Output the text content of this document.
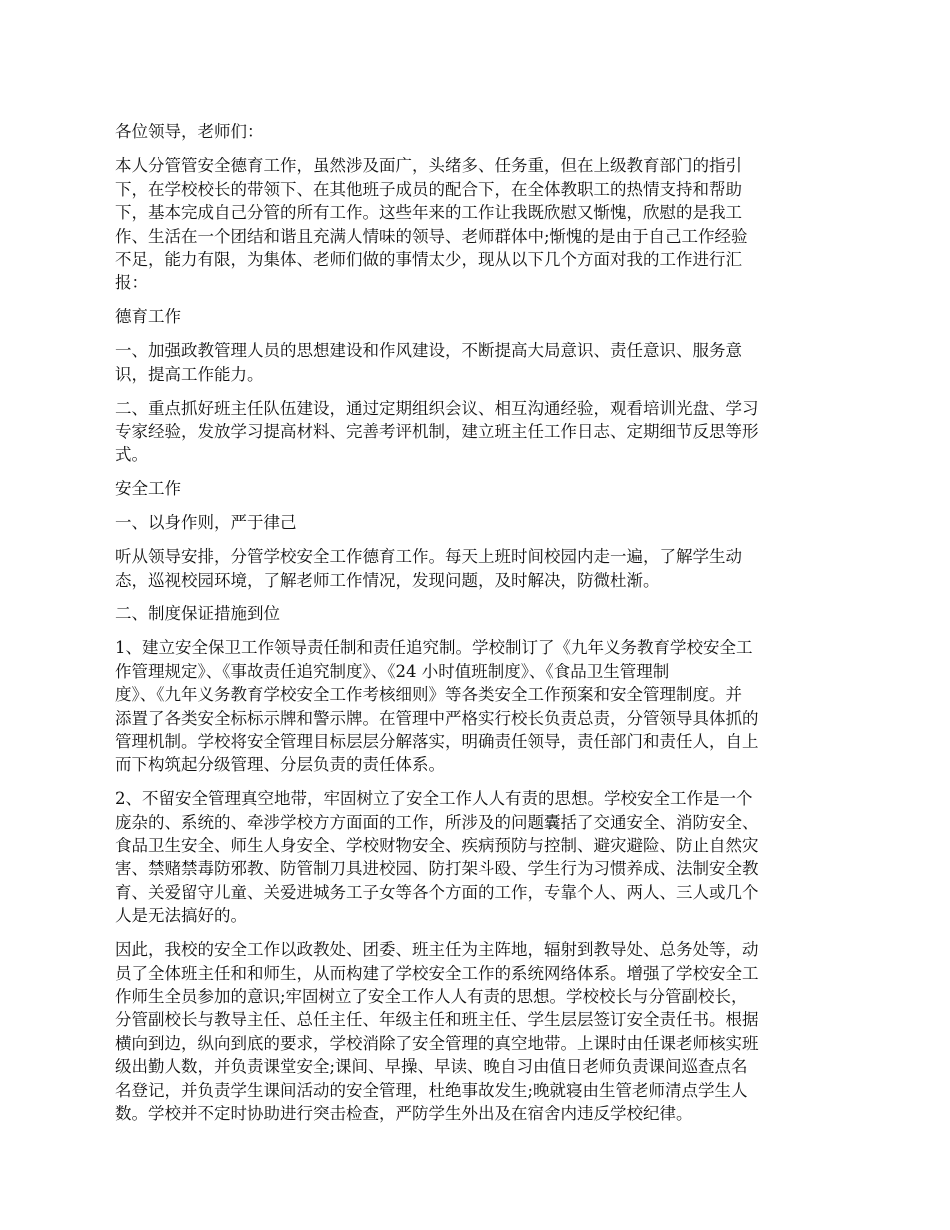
各位领导，老师们：

本人分管管安全德育工作，虽然涉及面广，头绪多、任务重，但在上级教育部门的指引
下，在学校校长的带领下、在其他班子成员的配合下，在全体教职工的热情支持和帮助
下，基本完成自己分管的所有工作。这些年来的工作让我既欣慰又惭愧，欣慰的是我工
作、生活在一个团结和谐且充满人情味的领导、老师群体中;惭愧的是由于自己工作经验
不足，能力有限，为集体、老师们做的事情太少，现从以下几个方面对我的工作进行汇
报：

德育工作

一、加强政教管理人员的思想建设和作风建设，不断提高大局意识、责任意识、服务意
识，提高工作能力。

二、重点抓好班主任队伍建设，通过定期组织会议、相互沟通经验，观看培训光盘、学习
专家经验，发放学习提高材料、完善考评机制，建立班主任工作日志、定期细节反思等形
式。

安全工作

一、以身作则，严于律己

听从领导安排，分管学校安全工作德育工作。每天上班时间校园内走一遍，了解学生动
态，巡视校园环境，了解老师工作情况，发现问题，及时解决，防微杜渐。

二、制度保证措施到位

1、建立安全保卫工作领导责任制和责任追究制。学校制订了《九年义务教育学校安全工
作管理规定》、《事故责任追究制度》、《24 小时值班制度》、《食品卫生管理制
度》、《九年义务教育学校安全工作考核细则》等各类安全工作预案和安全管理制度。并
添置了各类安全标标示牌和警示牌。在管理中严格实行校长负责总责，分管领导具体抓的
管理机制。学校将安全管理目标层层分解落实，明确责任领导，责任部门和责任人，自上
而下构筑起分级管理、分层负责的责任体系。

2、不留安全管理真空地带，牢固树立了安全工作人人有责的思想。学校安全工作是一个
庞杂的、系统的、牵涉学校方方面面的工作，所涉及的问题囊括了交通安全、消防安全、
食品卫生安全、师生人身安全、学校财物安全、疾病预防与控制、避灾避险、防止自然灾
害、禁赌禁毒防邪教、防管制刀具进校园、防打架斗殴、学生行为习惯养成、法制安全教
育、关爱留守儿童、关爱进城务工子女等各个方面的工作，专靠个人、两人、三人或几个
人是无法搞好的。

因此，我校的安全工作以政教处、团委、班主任为主阵地，辐射到教导处、总务处等，动
员了全体班主任和和师生，从而构建了学校安全工作的系统网络体系。增强了学校安全工
作师生全员参加的意识;牢固树立了安全工作人人有责的思想。学校校长与分管副校长，
分管副校长与教导主任、总任主任、年级主任和班主任、学生层层签订安全责任书。根据
横向到边，纵向到底的要求，学校消除了安全管理的真空地带。上课时由任课老师核实班
级出勤人数，并负责课堂安全;课间、早操、早读、晚自习由值日老师负责课间巡查点名
名登记，并负责学生课间活动的安全管理，杜绝事故发生;晚就寝由生管老师清点学生人
数。学校并不定时协助进行突击检查，严防学生外出及在宿舍内违反学校纪律。
